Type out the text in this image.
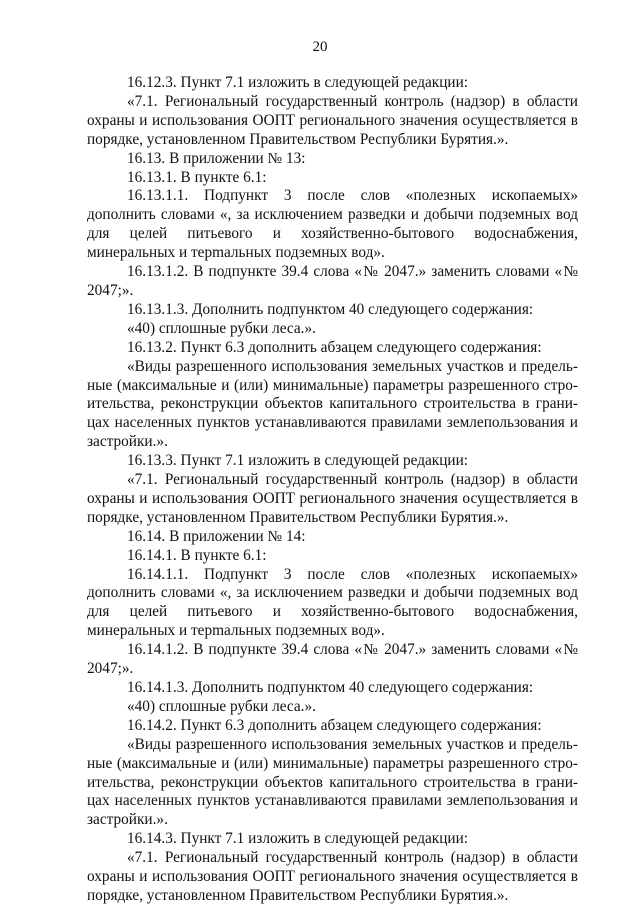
20

16.12.3. Пункт 7.1 изложить в следующей редакции:

«7.1. Региональный государственный контроль (надзор) в области охраны и использования ООПТ регионального значения осуществляется в порядке, установленном Правительством Республики Бурятия.».

16.13. В приложении № 13:

16.13.1. В пункте 6.1:

16.13.1.1. Подпункт 3 после слов «полезных ископаемых» дополнить словами «, за исключением разведки и добычи подземных вод для целей питьевого и хозяйственно-бытового водоснабжения, минеральных и терmальных подземных вод».

16.13.1.2. В подпункте 39.4 слова «№ 2047.» заменить словами «№ 2047;».

16.13.1.3. Дополнить подпунктом 40 следующего содержания:

«40) сплошные рубки леса.».

16.13.2. Пункт 6.3 дополнить абзацем следующего содержания:

«Виды разрешенного использования земельных участков и предельные (максимальные и (или) минимальные) параметры разрешенного строительства, реконструкции объектов капитального строительства в границах населенных пунктов устанавливаются правилами землепользования и застройки.».

16.13.3. Пункт 7.1 изложить в следующей редакции:

«7.1. Региональный государственный контроль (надзор) в области охраны и использования ООПТ регионального значения осуществляется в порядке, установленном Правительством Республики Бурятия.».

16.14. В приложении № 14:

16.14.1. В пункте 6.1:

16.14.1.1. Подпункт 3 после слов «полезных ископаемых» дополнить словами «, за исключением разведки и добычи подземных вод для целей питьевого и хозяйственно-бытового водоснабжения, минеральных и терmальных подземных вод».

16.14.1.2. В подпункте 39.4 слова «№ 2047.» заменить словами «№ 2047;».

16.14.1.3. Дополнить подпунктом 40 следующего содержания:

«40) сплошные рубки леса.».

16.14.2. Пункт 6.3 дополнить абзацем следующего содержания:

«Виды разрешенного использования земельных участков и предельные (максимальные и (или) минимальные) параметры разрешенного строительства, реконструкции объектов капитального строительства в границах населенных пунктов устанавливаются правилами землепользования и застройки.».

16.14.3. Пункт 7.1 изложить в следующей редакции:

«7.1. Региональный государственный контроль (надзор) в области охраны и использования ООПТ регионального значения осуществляется в порядке, установленном Правительством Республики Бурятия.».
